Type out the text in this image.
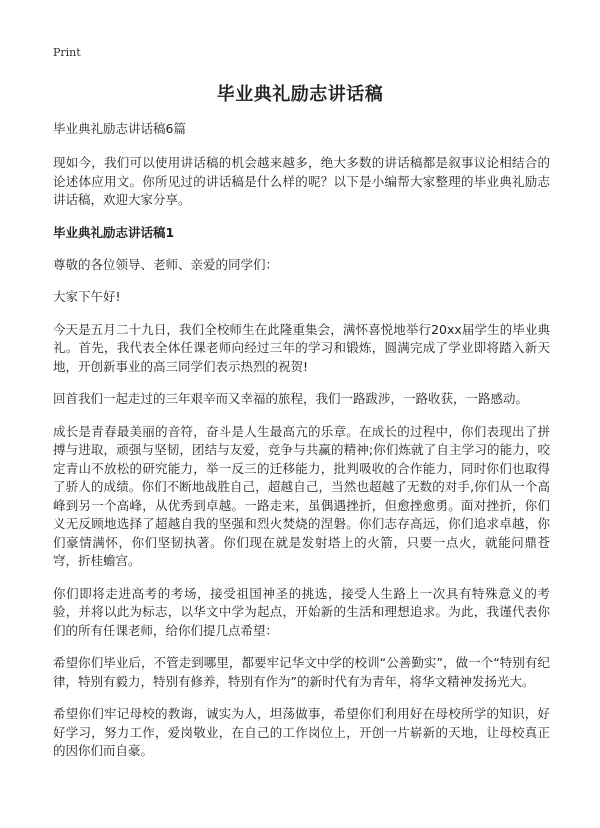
Print
毕业典礼励志讲话稿

毕业典礼励志讲话稿6篇

现如今，我们可以使用讲话稿的机会越来越多，绝大多数的讲话稿都是叙事议论相结合的论述体应用文。你所见过的讲话稿是什么样的呢？以下是小编帮大家整理的毕业典礼励志讲话稿，欢迎大家分享。

毕业典礼励志讲话稿1

尊敬的各位领导、老师、亲爱的同学们：

大家下午好!

今天是五月二十九日，我们全校师生在此隆重集会，满怀喜悦地举行20xx届学生的毕业典礼。首先，我代表全体任课老师向经过三年的学习和锻炼，圆满完成了学业即将踏入新天地，开创新事业的高三同学们表示热烈的祝贺!

回首我们一起走过的三年艰辛而又幸福的旅程，我们一路跋涉，一路收获，一路感动。

成长是青春最美丽的音符，奋斗是人生最高亢的乐章。在成长的过程中，你们表现出了拼搏与进取，顽强与坚韧，团结与友爱，竞争与共赢的精神;你们炼就了自主学习的能力，咬定青山不放松的研究能力，举一反三的迁移能力，批判吸收的合作能力，同时你们也取得了骄人的成绩。你们不断地战胜自己，超越自己，当然也超越了无数的对手,你们从一个高峰到另一个高峰，从优秀到卓越。一路走来，虽偶遇挫折，但愈挫愈勇。面对挫折，你们义无反顾地选择了超越自我的坚强和烈火焚烧的涅磐。你们志存高远，你们追求卓越，你们豪情满怀，你们坚韧执著。你们现在就是发射塔上的火箭，只要一点火，就能问鼎苍穹，折桂蟾宫。

你们即将走进高考的考场，接受祖国神圣的挑选，接受人生路上一次具有特殊意义的考验，并将以此为标志，以华文中学为起点，开始新的生活和理想追求。为此，我谨代表你们的所有任课老师，给你们提几点希望：

希望你们毕业后，不管走到哪里，都要牢记华文中学的校训“公善勤实”，做一个“特别有纪律，特别有毅力，特别有修养，特别有作为”的新时代有为青年，将华文精神发扬光大。

希望你们牢记母校的教诲，诚实为人，坦荡做事，希望你们利用好在母校所学的知识，好好学习，努力工作，爱岗敬业，在自己的工作岗位上，开创一片崭新的天地，让母校真正的因你们而自豪。
